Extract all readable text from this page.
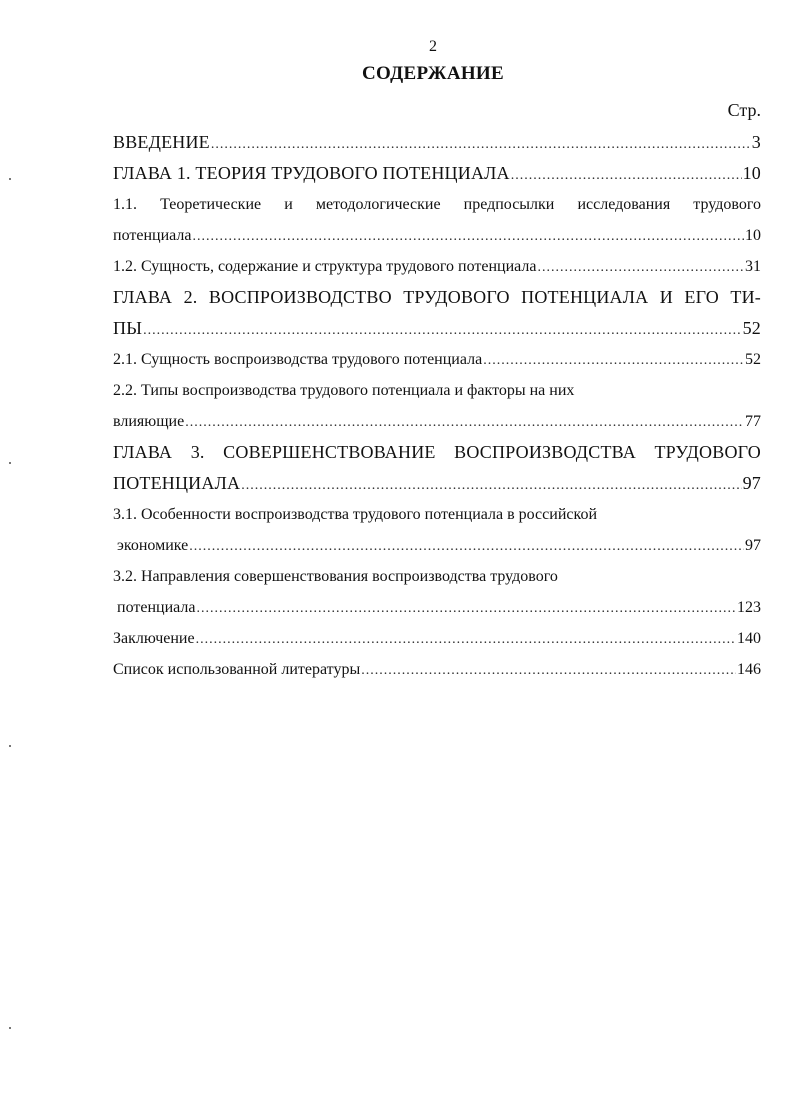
2
СОДЕРЖАНИЕ
Стр.
ВВЕДЕНИЕ .....	3
ГЛАВА 1. ТЕОРИЯ ТРУДОВОГО ПОТЕНЦИАЛА .....	10
1.1. Теоретические и методологические предпосылки исследования трудового
потенциала .....	10
1.2. Сущность, содержание и структура трудового потенциала .....	31
ГЛАВА 2. ВОСПРОИЗВОДСТВО ТРУДОВОГО ПОТЕНЦИАЛА И ЕГО ТИ-
ПЫ .....	52
2.1. Сущность воспроизводства трудового потенциала .....	52
2.2. Типы воспроизводства трудового потенциала и факторы на них
влияющие .....	77
ГЛАВА 3. СОВЕРШЕНСТВОВАНИЕ ВОСПРОИЗВОДСТВА ТРУДОВОГО
ПОТЕНЦИАЛА .....	97
3.1. Особенности воспроизводства трудового потенциала в российской
экономике .....	97
3.2. Направления совершенствования воспроизводства трудового
потенциала .....	123
Заключение .....	140
Список использованной литературы .....	146
